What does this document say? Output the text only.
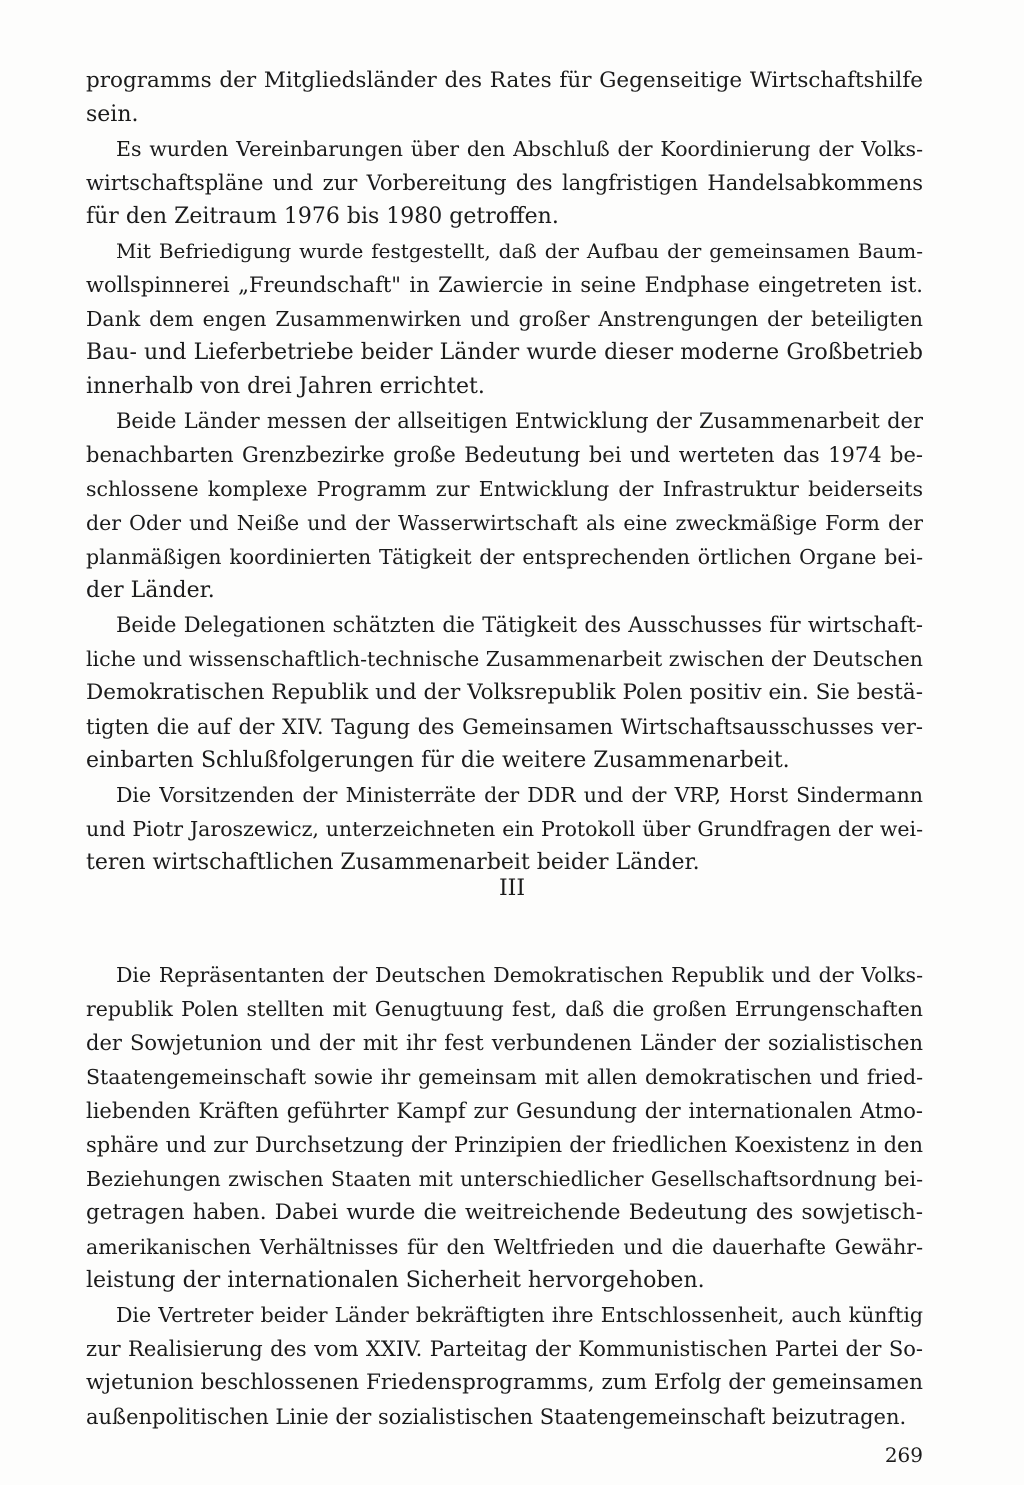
programms der Mitgliedsländer des Rates für Gegenseitige Wirtschaftshilfe
sein.
Es wurden Vereinbarungen über den Abschluß der Koordinierung der Volks-
wirtschaftspläne und zur Vorbereitung des langfristigen Handelsabkommens
für den Zeitraum 1976 bis 1980 getroffen.
Mit Befriedigung wurde festgestellt, daß der Aufbau der gemeinsamen Baum-
wollspinnerei „Freundschaft" in Zawiercie in seine Endphase eingetreten ist.
Dank dem engen Zusammenwirken und großer Anstrengungen der beteiligten
Bau- und Lieferbetriebe beider Länder wurde dieser moderne Großbetrieb
innerhalb von drei Jahren errichtet.
Beide Länder messen der allseitigen Entwicklung der Zusammenarbeit der
benachbarten Grenzbezirke große Bedeutung bei und werteten das 1974 be-
schlossene komplexe Programm zur Entwicklung der Infrastruktur beiderseits
der Oder und Neiße und der Wasserwirtschaft als eine zweckmäßige Form der
planmäßigen koordinierten Tätigkeit der entsprechenden örtlichen Organe bei-
der Länder.
Beide Delegationen schätzten die Tätigkeit des Ausschusses für wirtschaft-
liche und wissenschaftlich-technische Zusammenarbeit zwischen der Deutschen
Demokratischen Republik und der Volksrepublik Polen positiv ein. Sie bestä-
tigten die auf der XIV. Tagung des Gemeinsamen Wirtschaftsausschusses ver-
einbarten Schlußfolgerungen für die weitere Zusammenarbeit.
Die Vorsitzenden der Ministerräte der DDR und der VRP, Horst Sindermann
und Piotr Jaroszewicz, unterzeichneten ein Protokoll über Grundfragen der wei-
teren wirtschaftlichen Zusammenarbeit beider Länder.
III
Die Repräsentanten der Deutschen Demokratischen Republik und der Volks-
republik Polen stellten mit Genugtuung fest, daß die großen Errungenschaften
der Sowjetunion und der mit ihr fest verbundenen Länder der sozialistischen
Staatengemeinschaft sowie ihr gemeinsam mit allen demokratischen und fried-
liebenden Kräften geführter Kampf zur Gesundung der internationalen Atmo-
sphäre und zur Durchsetzung der Prinzipien der friedlichen Koexistenz in den
Beziehungen zwischen Staaten mit unterschiedlicher Gesellschaftsordnung bei-
getragen haben. Dabei wurde die weitreichende Bedeutung des sowjetisch-
amerikanischen Verhältnisses für den Weltfrieden und die dauerhafte Gewähr-
leistung der internationalen Sicherheit hervorgehoben.
Die Vertreter beider Länder bekräftigten ihre Entschlossenheit, auch künftig
zur Realisierung des vom XXIV. Parteitag der Kommunistischen Partei der So-
wjetunion beschlossenen Friedensprogramms, zum Erfolg der gemeinsamen
außenpolitischen Linie der sozialistischen Staatengemeinschaft beizutragen.
269
